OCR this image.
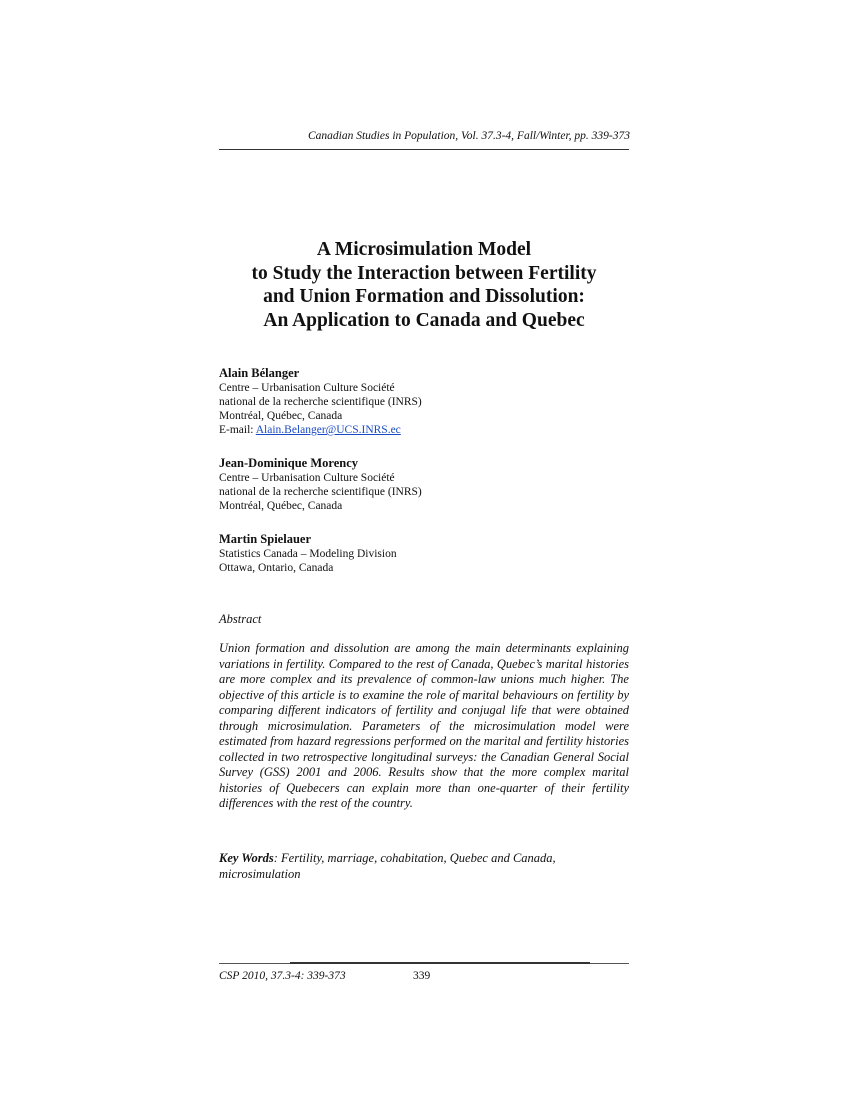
Canadian Studies in Population, Vol. 37.3-4, Fall/Winter, pp. 339-373
A Microsimulation Model
to Study the Interaction between Fertility
and Union Formation and Dissolution:
An Application to Canada and Quebec
Alain Bélanger
Centre – Urbanisation Culture Société
national de la recherche scientifique (INRS)
Montréal, Québec, Canada
E-mail: Alain.Belanger@UCS.INRS.ec
Jean-Dominique Morency
Centre – Urbanisation Culture Société
national de la recherche scientifique (INRS)
Montréal, Québec, Canada
Martin Spielauer
Statistics Canada – Modeling Division
Ottawa, Ontario, Canada
Abstract
Union formation and dissolution are among the main determinants explaining variations in fertility. Compared to the rest of Canada, Quebec’s marital histories are more complex and its prevalence of common-law unions much higher. The objective of this article is to examine the role of marital behaviours on fertility by comparing different indicators of fertility and conjugal life that were obtained through microsimulation. Parameters of the microsimulation model were estimated from hazard regressions performed on the marital and fertility histories collected in two retrospective longitudinal surveys: the Canadian General Social Survey (GSS) 2001 and 2006. Results show that the more complex marital histories of Quebecers can explain more than one-quarter of their fertility differences with the rest of the country.
Key Words: Fertility, marriage, cohabitation, Quebec and Canada, microsimulation
CSP 2010, 37.3-4: 339-373	339
